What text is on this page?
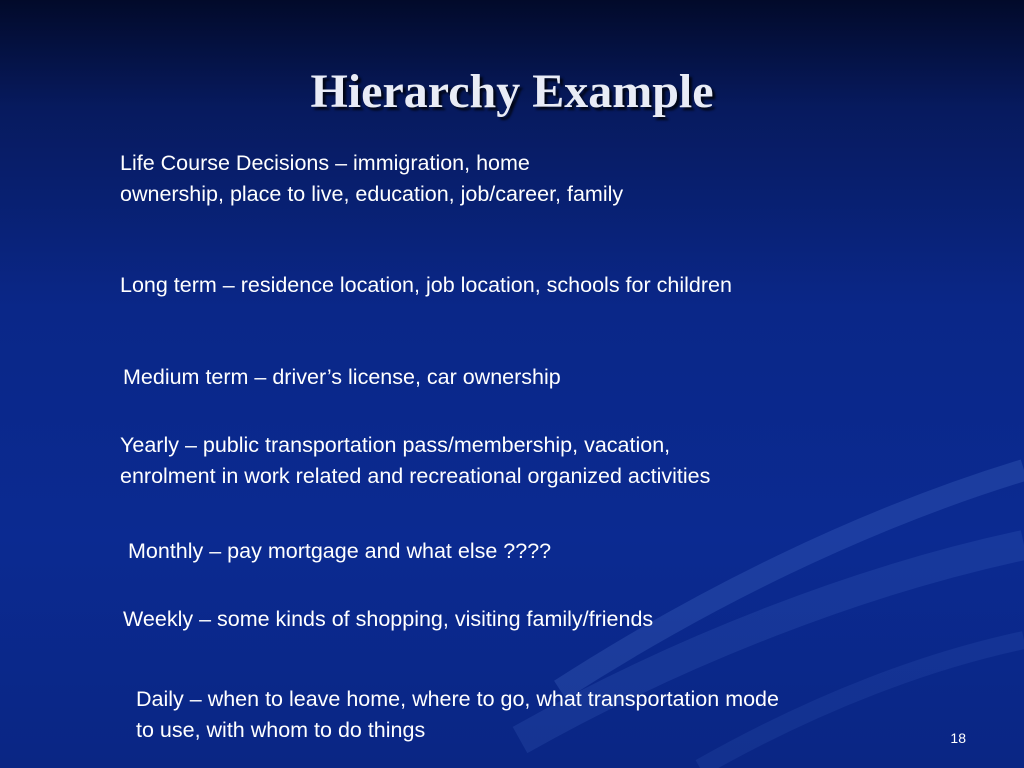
Hierarchy Example
Life Course Decisions – immigration, home
ownership, place to live, education, job/career, family
Long term – residence location, job location, schools for children
Medium term – driver’s license, car ownership
Yearly – public transportation pass/membership, vacation,
enrolment in work related and recreational organized activities
Monthly – pay mortgage and what else ????
Weekly – some kinds of shopping, visiting family/friends
Daily – when to leave home, where to go, what transportation mode
to use, with whom to do things	18
